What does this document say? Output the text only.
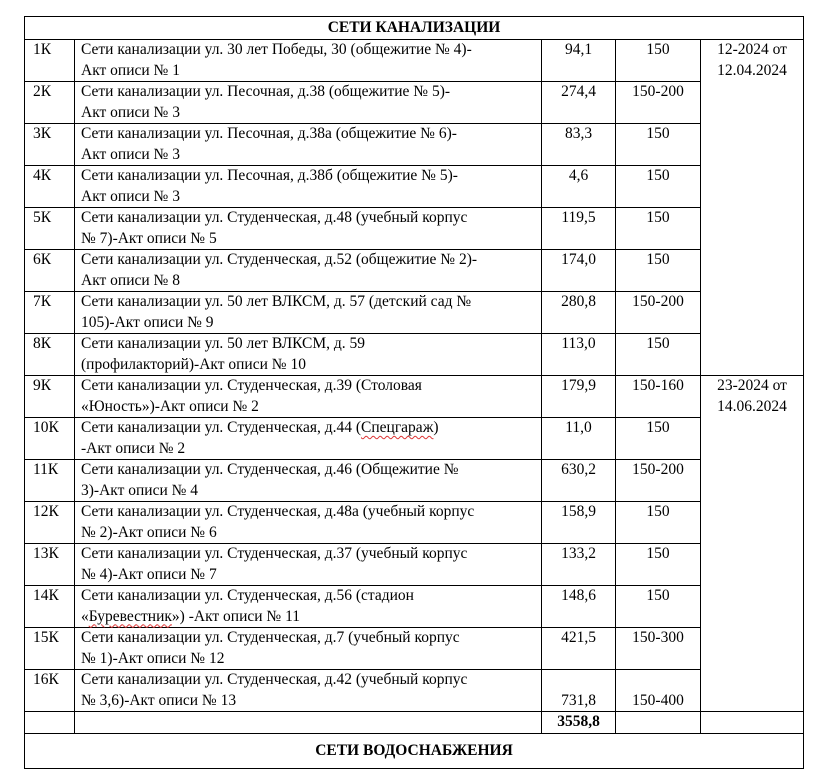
СЕТИ КАНАЛИЗАЦИИ				
1К	Сети канализации ул. 30 лет Победы, 30 (общежитие № 4)-
Акт описи № 1	94,1	150	12-2024 от
12.04.2024
2К	Сети канализации ул. Песочная, д.38 (общежитие № 5)-
Акт описи № 3	274,4	150-200	
3К	Сети канализации ул. Песочная, д.38а (общежитие № 6)-
Акт описи № 3	83,3	150	
4К	Сети канализации ул. Песочная, д.38б (общежитие № 5)-
Акт описи № 3	4,6	150	
5К	Сети канализации ул. Студенческая, д.48 (учебный корпус
№ 7)-Акт описи № 5	119,5	150	
6К	Сети канализации ул. Студенческая, д.52 (общежитие № 2)-
Акт описи № 8	174,0	150	
7К	Сети канализации ул. 50 лет ВЛКСМ, д. 57 (детский сад №
105)-Акт описи № 9	280,8	150-200	
8К	Сети канализации ул. 50 лет ВЛКСМ, д. 59
(профилакторий)-Акт описи № 10	113,0	150	
9К	Сети канализации ул. Студенческая, д.39 (Столовая
«Юность»)-Акт описи № 2	179,9	150-160	23-2024 от
14.06.2024
10К	Сети канализации ул. Студенческая, д.44 (Спецгараж)
-Акт описи № 2	11,0	150	
11К	Сети канализации ул. Студенческая, д.46 (Общежитие №
3)-Акт описи № 4	630,2	150-200	
12К	Сети канализации ул. Студенческая, д.48а (учебный корпус
№ 2)-Акт описи № 6	158,9	150	
13К	Сети канализации ул. Студенческая, д.37 (учебный корпус
№ 4)-Акт описи № 7	133,2	150	
14К	Сети канализации ул. Студенческая, д.56 (стадион
«Буревестник») -Акт описи № 11	148,6	150	
15К	Сети канализации ул. Студенческая, д.7 (учебный корпус
№ 1)-Акт описи № 12	421,5	150-300	
16К	Сети канализации ул. Студенческая, д.42 (учебный корпус
№ 3,6)-Акт описи № 13	731,8	150-400	
		3558,8		
СЕТИ ВОДОСНАБЖЕНИЯ				
